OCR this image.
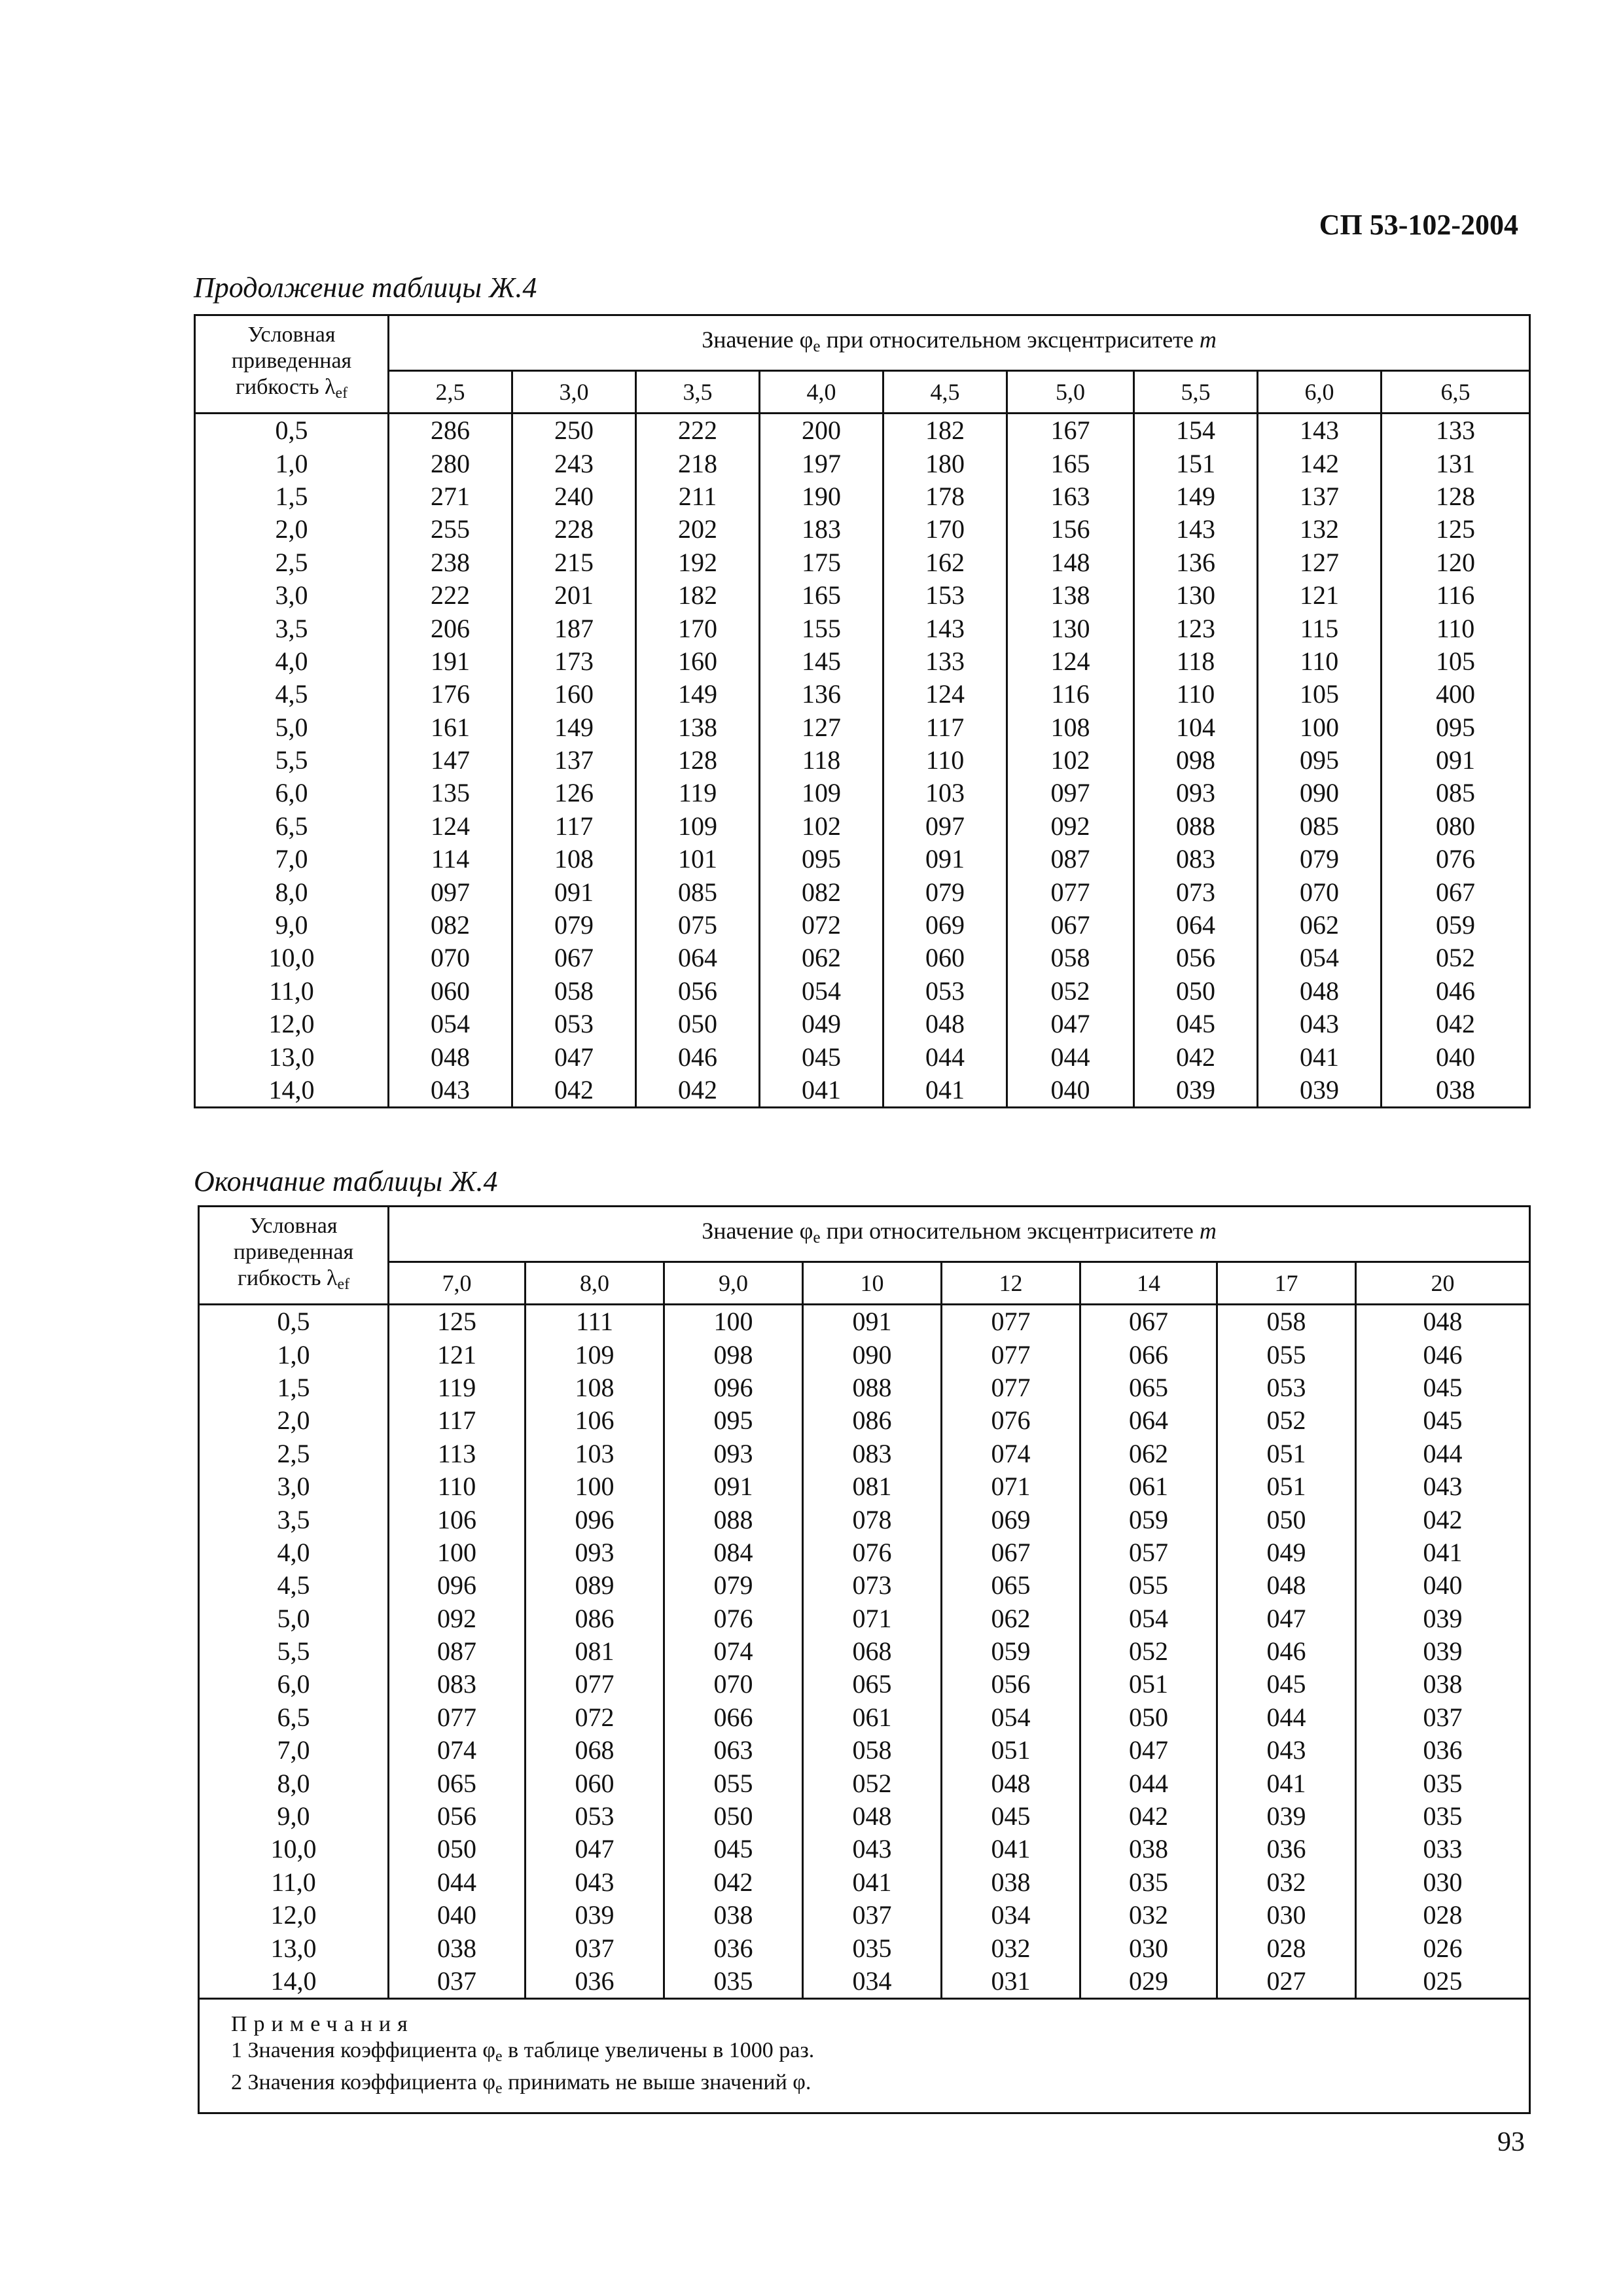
СП 53-102-2004
Продолжение таблицы Ж.4
Условная
приведенная
гибкость $\lambda_{ef}$	Значение $\varphi_e$ при относительном эксцентриситете m								
	2,5	3,0	3,5	4,0	4,5	5,0	5,5	6,0	6,5
0,5	286	250	222	200	182	167	154	143	133
1,0	280	243	218	197	180	165	151	142	131
1,5	271	240	211	190	178	163	149	137	128
2,0	255	228	202	183	170	156	143	132	125
2,5	238	215	192	175	162	148	136	127	120
3,0	222	201	182	165	153	138	130	121	116
3,5	206	187	170	155	143	130	123	115	110
4,0	191	173	160	145	133	124	118	110	105
4,5	176	160	149	136	124	116	110	105	400
5,0	161	149	138	127	117	108	104	100	095
5,5	147	137	128	118	110	102	098	095	091
6,0	135	126	119	109	103	097	093	090	085
6,5	124	117	109	102	097	092	088	085	080
7,0	114	108	101	095	091	087	083	079	076
8,0	097	091	085	082	079	077	073	070	067
9,0	082	079	075	072	069	067	064	062	059
10,0	070	067	064	062	060	058	056	054	052
11,0	060	058	056	054	053	052	050	048	046
12,0	054	053	050	049	048	047	045	043	042
13,0	048	047	046	045	044	044	042	041	040
14,0	043	042	042	041	041	040	039	039	038
Окончание таблицы Ж.4
Условная
приведенная
гибкость $\lambda_{ef}$	Значение $\varphi_e$ при относительном эксцентриситете m							
	7,0	8,0	9,0	10	12	14	17	20
0,5	125	111	100	091	077	067	058	048
1,0	121	109	098	090	077	066	055	046
1,5	119	108	096	088	077	065	053	045
2,0	117	106	095	086	076	064	052	045
2,5	113	103	093	083	074	062	051	044
3,0	110	100	091	081	071	061	051	043
3,5	106	096	088	078	069	059	050	042
4,0	100	093	084	076	067	057	049	041
4,5	096	089	079	073	065	055	048	040
5,0	092	086	076	071	062	054	047	039
5,5	087	081	074	068	059	052	046	039
6,0	083	077	070	065	056	051	045	038
6,5	077	072	066	061	054	050	044	037
7,0	074	068	063	058	051	047	043	036
8,0	065	060	055	052	048	044	041	035
9,0	056	053	050	048	045	042	039	035
10,0	050	047	045	043	041	038	036	033
11,0	044	043	042	041	038	035	032	030
12,0	040	039	038	037	034	032	030	028
13,0	038	037	036	035	032	030	028	026
14,0	037	036	035	034	031	029	027	025

Примечания
1 Значения коэффициента $\varphi_e$ в таблице увеличены в 1000 раз.
2 Значения коэффициента $\varphi_e$ принимать не выше значений φ.								
93
